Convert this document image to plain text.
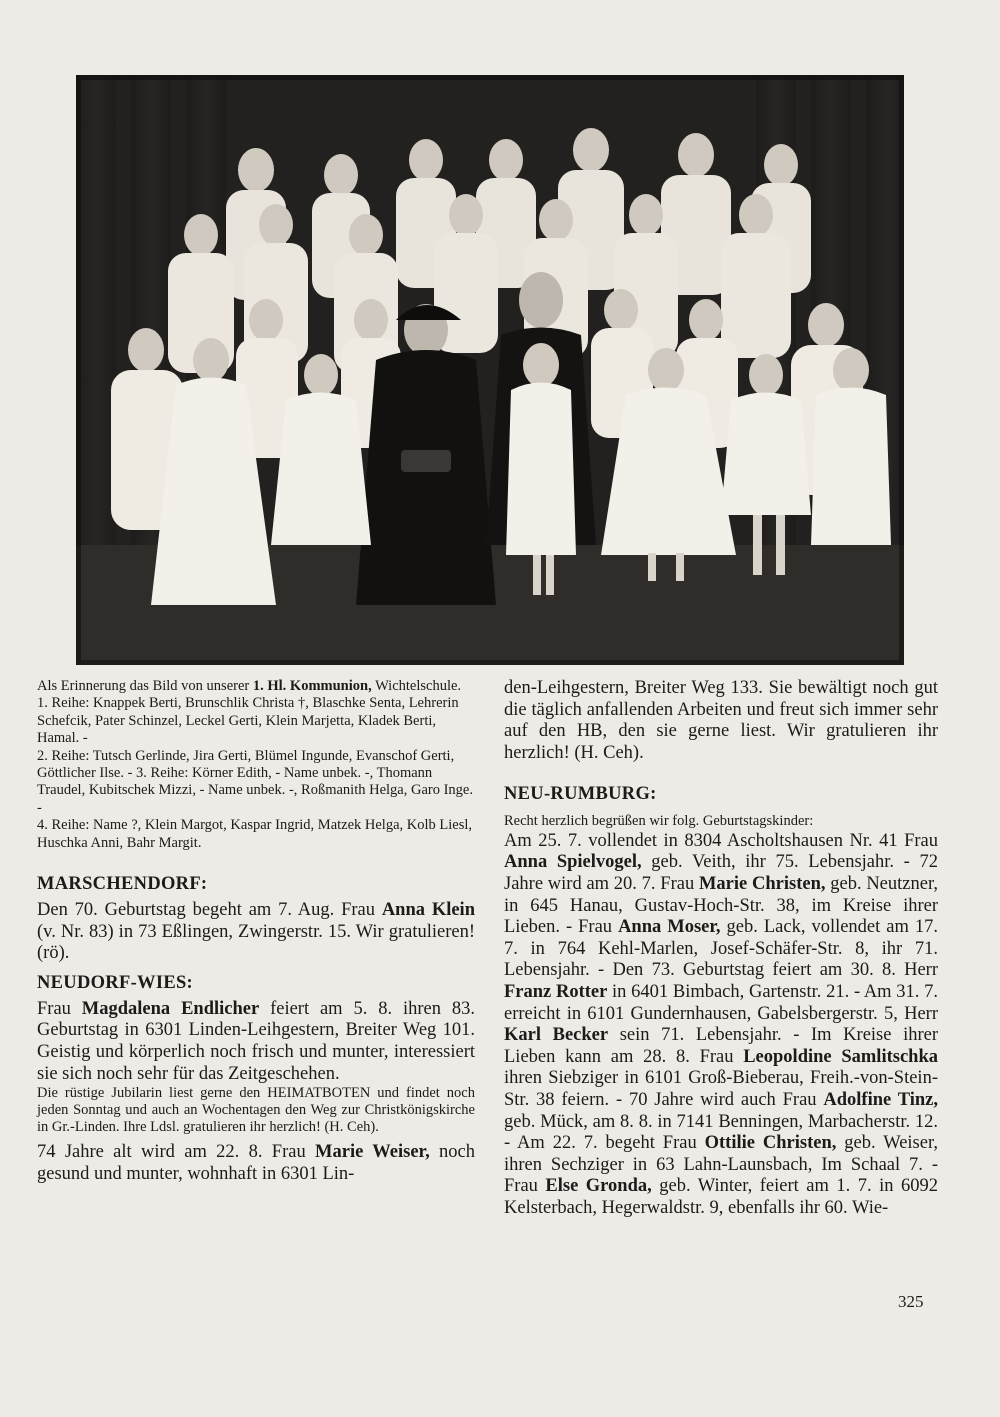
Als Erinnerung das Bild von unserer 1. Hl. Kommunion, Wichtelschule.
1. Reihe: Knappek Berti, Brunschlik Christa †, Blaschke Senta, Lehrerin Schefcik, Pater Schinzel, Leckel Gerti, Klein Marjetta, Kladek Berti, Hamal. -
2. Reihe: Tutsch Gerlinde, Jira Gerti, Blümel Ingunde, Evanschof Gerti, Göttlicher Ilse. - 3. Reihe: Körner Edith, - Name unbek. -, Thomann Traudel, Kubitschek Mizzi, - Name unbek. -, Roßmanith Helga, Garo Inge. -
4. Reihe: Name ?, Klein Margot, Kaspar Ingrid, Matzek Helga, Kolb Liesl, Huschka Anni, Bahr Margit.

MARSCHENDORF:

Den 70. Geburtstag begeht am 7. Aug. Frau Anna Klein (v. Nr. 83) in 73 Eßlingen, Zwingerstr. 15. Wir gratulieren! (rö).

NEUDORF-WIES:

Frau Magdalena Endlicher feiert am 5. 8. ihren 83. Geburtstag in 6301 Linden-Leihgestern, Breiter Weg 101. Geistig und körperlich noch frisch und munter, interessiert sie sich noch sehr für das Zeitgeschehen.

Die rüstige Jubilarin liest gerne den HEIMATBOTEN und findet noch jeden Sonntag und auch an Wochentagen den Weg zur Christkönigskirche in Gr.-Linden. Ihre Ldsl. gratulieren ihr herzlich! (H. Ceh).

74 Jahre alt wird am 22. 8. Frau Marie Weiser, noch gesund und munter, wohnhaft in 6301 Lin-

den-Leihgestern, Breiter Weg 133. Sie bewältigt noch gut die täglich anfallenden Arbeiten und freut sich immer sehr auf den HB, den sie gerne liest. Wir gratulieren ihr herzlich! (H. Ceh).

NEU-RUMBURG:

Recht herzlich begrüßen wir folg. Geburtstagskinder:

Am 25. 7. vollendet in 8304 Ascholtshausen Nr. 41 Frau Anna Spielvogel, geb. Veith, ihr 75. Lebensjahr. - 72 Jahre wird am 20. 7. Frau Marie Christen, geb. Neutzner, in 645 Hanau, Gustav-Hoch-Str. 38, im Kreise ihrer Lieben. - Frau Anna Moser, geb. Lack, vollendet am 17. 7. in 764 Kehl-Marlen, Josef-Schäfer-Str. 8, ihr 71. Lebensjahr. - Den 73. Geburtstag feiert am 30. 8. Herr Franz Rotter in 6401 Bimbach, Gartenstr. 21. - Am 31. 7. erreicht in 6101 Gundernhausen, Gabelsbergerstr. 5, Herr Karl Becker sein 71. Lebensjahr. - Im Kreise ihrer Lieben kann am 28. 8. Frau Leopoldine Samlitschka ihren Siebziger in 6101 Groß-Bieberau, Freih.-von-Stein-Str. 38 feiern. - 70 Jahre wird auch Frau Adolfine Tinz, geb. Mück, am 8. 8. in 7141 Benningen, Marbacherstr. 12. - Am 22. 7. begeht Frau Ottilie Christen, geb. Weiser, ihren Sechziger in 63 Lahn-Launsbach, Im Schaal 7. - Frau Else Gronda, geb. Winter, feiert am 1. 7. in 6092 Kelsterbach, Hegerwaldstr. 9, ebenfalls ihr 60. Wie-

325
